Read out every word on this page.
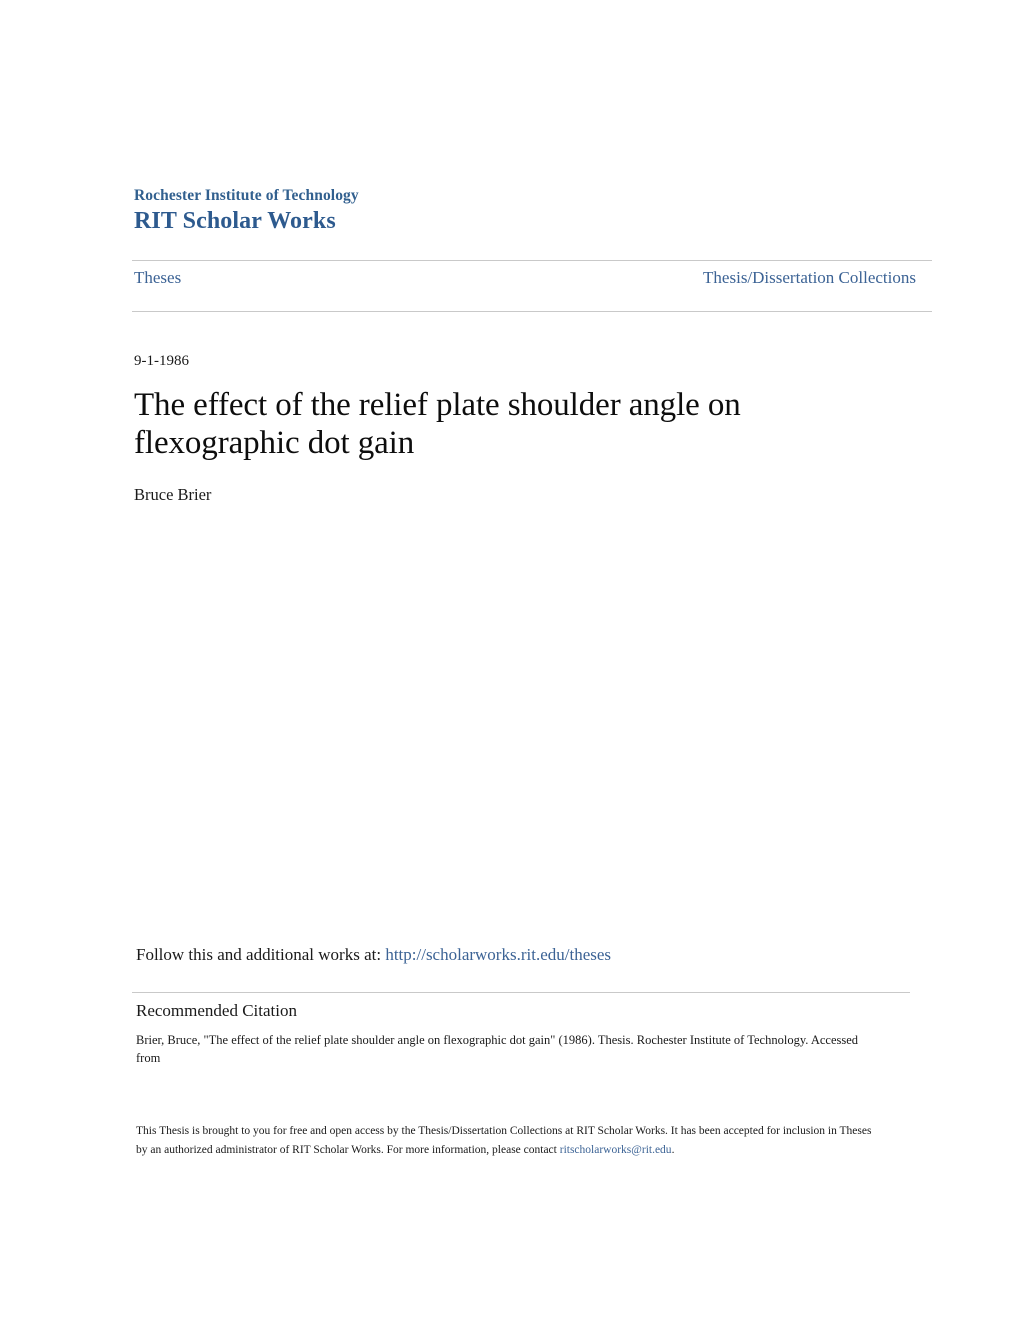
Rochester Institute of Technology
RIT Scholar Works
Theses	Thesis/Dissertation Collections
9-1-1986
The effect of the relief plate shoulder angle on flexographic dot gain
Bruce Brier
Follow this and additional works at: http://scholarworks.rit.edu/theses
Recommended Citation
Brier, Bruce, "The effect of the relief plate shoulder angle on flexographic dot gain" (1986). Thesis. Rochester Institute of Technology. Accessed from
This Thesis is brought to you for free and open access by the Thesis/Dissertation Collections at RIT Scholar Works. It has been accepted for inclusion in Theses by an authorized administrator of RIT Scholar Works. For more information, please contact ritscholarworks@rit.edu.
